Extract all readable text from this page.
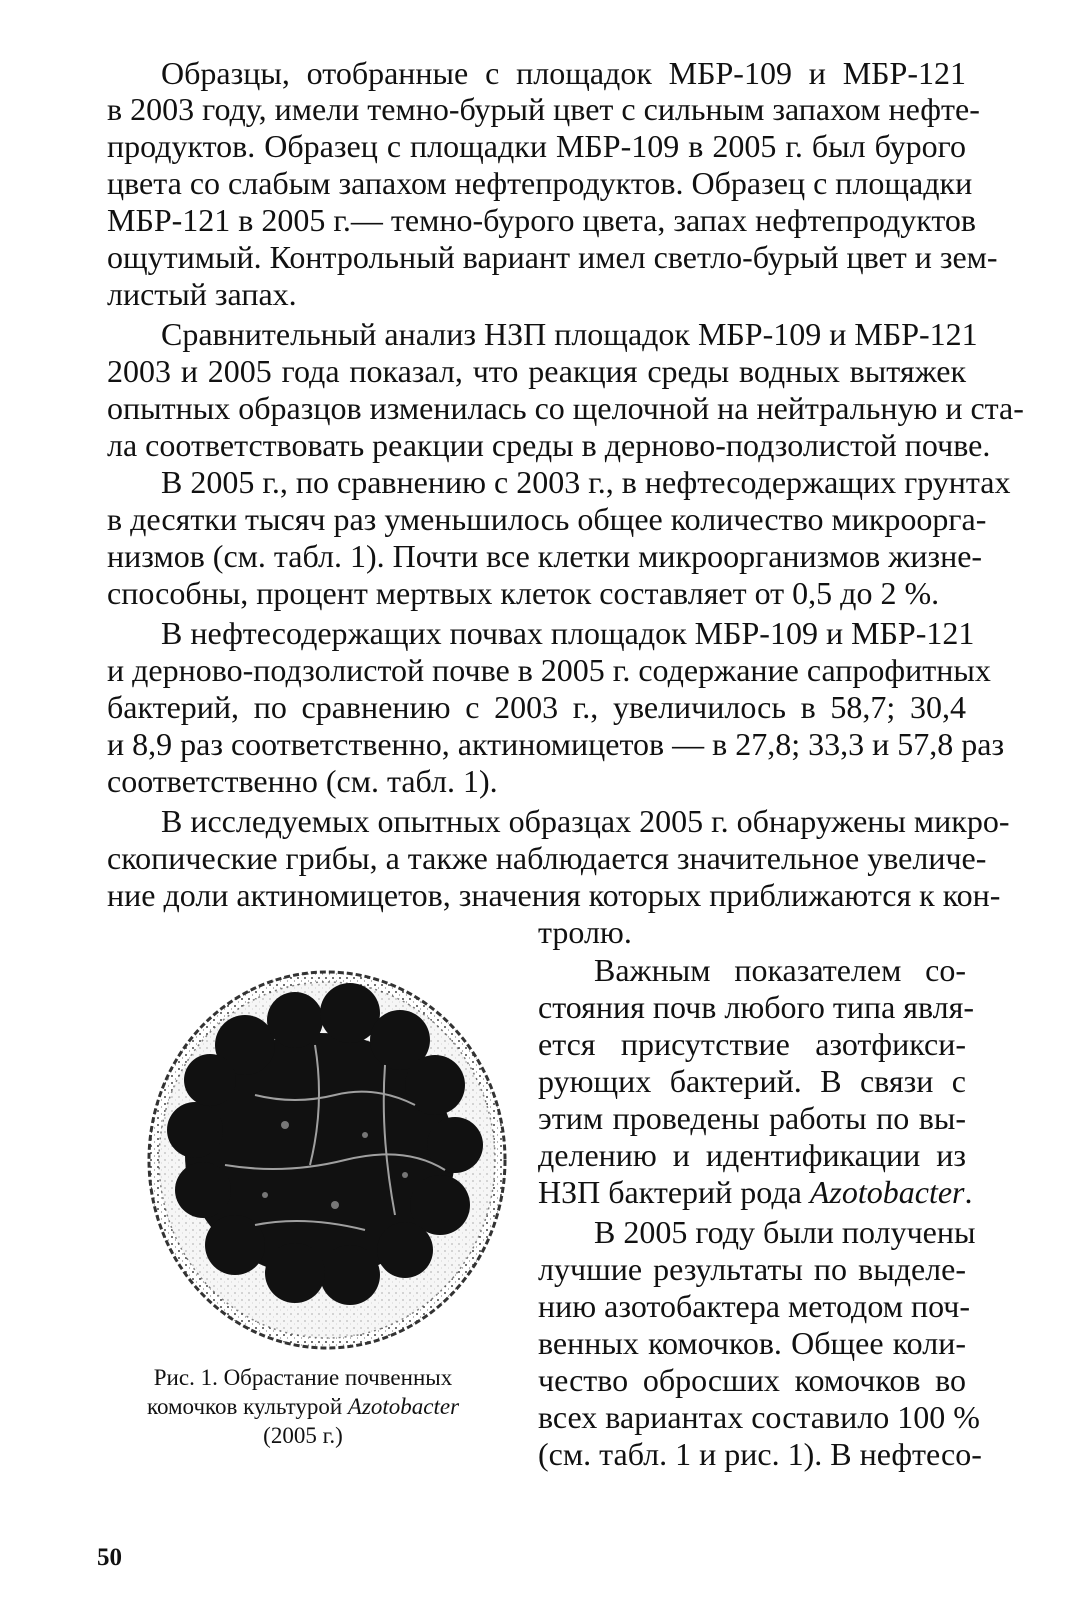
Образцы, отобранные с площадок МБР-109 и МБР-121
в 2003 году, имели темно-бурый цвет с сильным запахом нефте-
продуктов. Образец с площадки МБР-109 в 2005 г. был бурого
цвета со слабым запахом нефтепродуктов. Образец с площадки
МБР-121 в 2005 г.— темно-бурого цвета, запах нефтепродуктов
ощутимый. Контрольный вариант имел светло-бурый цвет и зем-
листый запах.
Сравнительный анализ НЗП площадок МБР-109 и МБР-121
2003 и 2005 года показал, что реакция среды водных вытяжек
опытных образцов изменилась со щелочной на нейтральную и ста-
ла соответствовать реакции среды в дерново-подзолистой почве.
В 2005 г., по сравнению с 2003 г., в нефтесодержащих грунтах
в десятки тысяч раз уменьшилось общее количество микроорга-
низмов (см. табл. 1). Почти все клетки микроорганизмов жизне-
способны, процент мертвых клеток составляет от 0,5 до 2 %.
В нефтесодержащих почвах площадок МБР-109 и МБР-121
и дерново-подзолистой почве в 2005 г. содержание сапрофитных
бактерий, по сравнению с 2003 г., увеличилось в 58,7; 30,4
и 8,9 раз соответственно, актиномицетов — в 27,8; 33,3 и 57,8 раз
соответственно (см. табл. 1).
В исследуемых опытных образцах 2005 г. обнаружены микро-
скопические грибы, а также наблюдается значительное увеличе-
ние доли актиномицетов, значения которых приближаются к кон-
тролю.
Важным показателем со-
стояния почв любого типа явля-
ется присутствие азотфикси-
рующих бактерий. В связи с
этим проведены работы по вы-
делению и идентификации из
НЗП бактерий рода Azotobacter.
В 2005 году были получены
лучшие результаты по выделе-
нию азотобактера методом поч-
венных комочков. Общее коли-
чество обросших комочков во
всех вариантах составило 100 %
(см. табл. 1 и рис. 1). В нефтесо-
Рис. 1. Обрастание почвенных
комочков культурой Azotobacter
(2005 г.)
50
